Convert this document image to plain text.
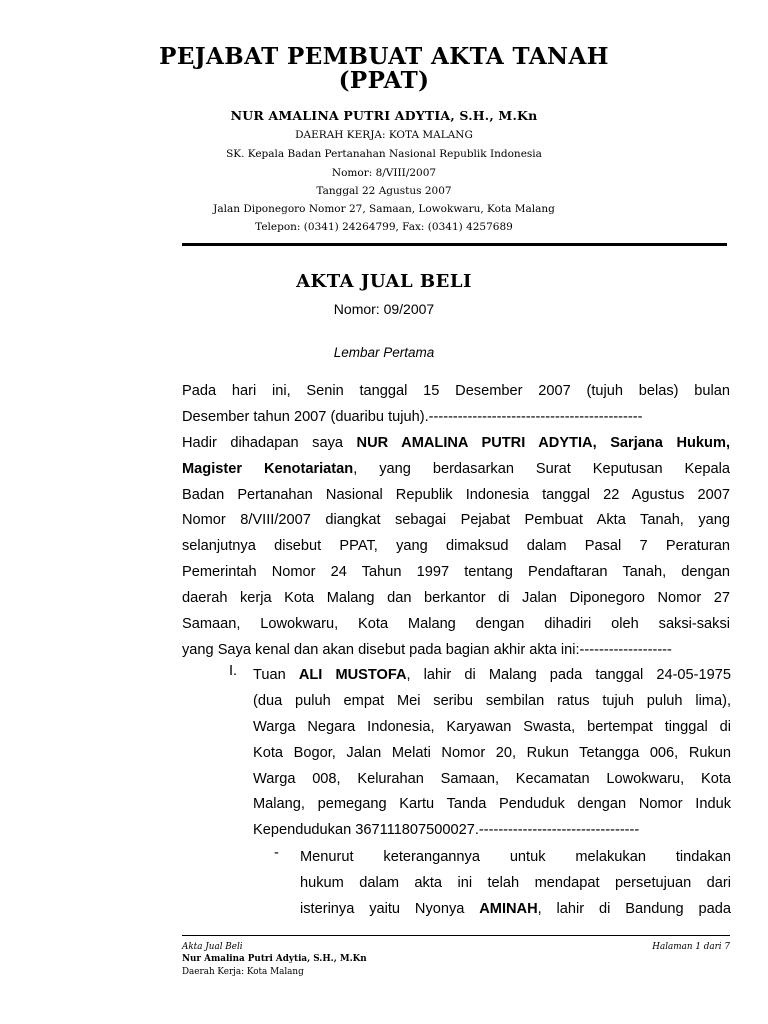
PEJABAT PEMBUAT AKTA TANAH
(PPAT)
NUR AMALINA PUTRI ADYTIA, S.H., M.Kn
DAERAH KERJA: KOTA MALANG
SK. Kepala Badan Pertanahan Nasional Republik Indonesia
Nomor: 8/VIII/2007
Tanggal 22 Agustus 2007
Jalan Diponegoro Nomor 27, Samaan, Lowokwaru, Kota Malang
Telepon: (0341) 24264799, Fax: (0341) 4257689
AKTA JUAL BELI
Nomor: 09/2007
Lembar Pertama
Pada hari ini, Senin tanggal 15 Desember 2007 (tujuh belas) bulan
Desember tahun 2007 (duaribu tujuh).--------------------------------------------
Hadir dihadapan saya NUR AMALINA PUTRI ADYTIA, Sarjana Hukum,
Magister Kenotariatan, yang berdasarkan Surat Keputusan Kepala
Badan Pertanahan Nasional Republik Indonesia tanggal 22 Agustus 2007
Nomor 8/VIII/2007 diangkat sebagai Pejabat Pembuat Akta Tanah, yang
selanjutnya disebut PPAT, yang dimaksud dalam Pasal 7 Peraturan
Pemerintah Nomor 24 Tahun 1997 tentang Pendaftaran Tanah, dengan
daerah kerja Kota Malang dan berkantor di Jalan Diponegoro Nomor 27
Samaan, Lowokwaru, Kota Malang dengan dihadiri oleh saksi-saksi
yang Saya kenal dan akan disebut pada bagian akhir akta ini:-------------------
I. Tuan ALI MUSTOFA, lahir di Malang pada tanggal 24-05-1975
(dua puluh empat Mei seribu sembilan ratus tujuh puluh lima),
Warga Negara Indonesia, Karyawan Swasta, bertempat tinggal di
Kota Bogor, Jalan Melati Nomor 20, Rukun Tetangga 006, Rukun
Warga 008, Kelurahan Samaan, Kecamatan Lowokwaru, Kota
Malang, pemegang Kartu Tanda Penduduk dengan Nomor Induk
Kependudukan 367111807500027.---------------------------------
- Menurut keterangannya untuk melakukan tindakan
hukum dalam akta ini telah mendapat persetujuan dari
isterinya yaitu Nyonya AMINAH, lahir di Bandung pada
Akta Jual Beli	Halaman 1 dari 7
Nur Amalina Putri Adytia, S.H., M.Kn
Daerah Kerja: Kota Malang
